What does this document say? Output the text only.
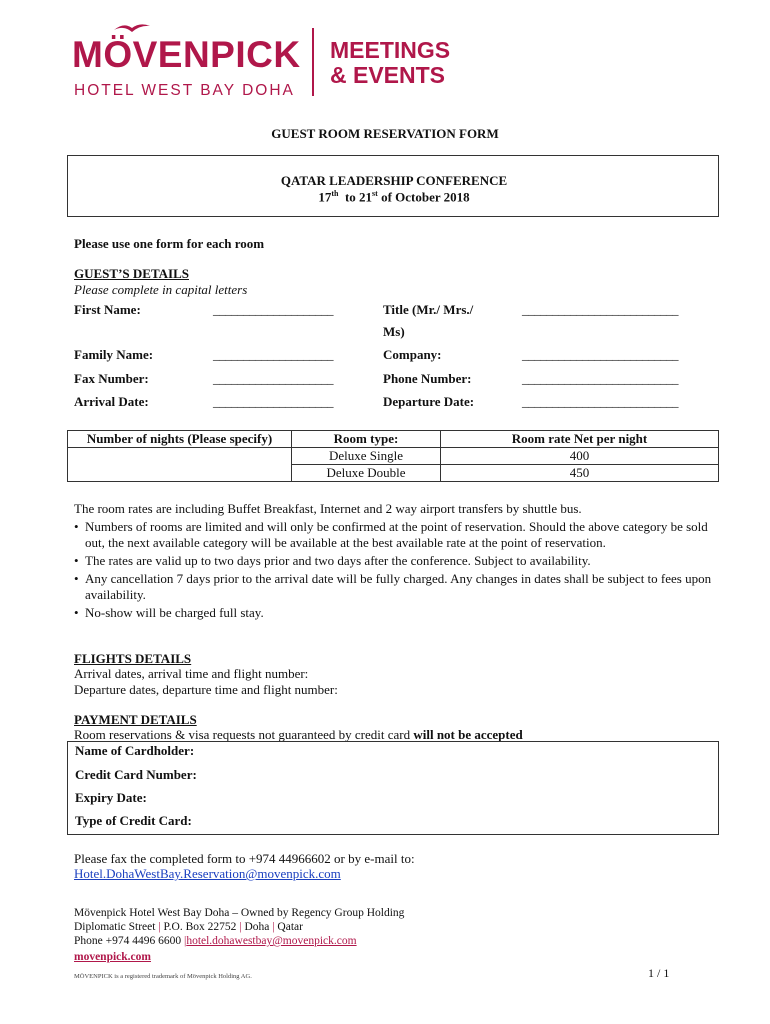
MÖVENPICK
HOTEL WEST BAY DOHA
MEETINGS
& EVENTS
GUEST ROOM RESERVATION FORM
QATAR LEADERSHIP CONFERENCE
17th to 21st of October 2018
Please use one form for each room
GUEST’S DETAILS
Please complete in capital letters
First Name:	____________________	Title (Mr./ Mrs./
Ms)
__________________________
Family Name:	____________________	Company:	__________________________
Fax Number:	____________________	Phone Number:	__________________________
Arrival Date:	____________________	Departure Date:	__________________________
Number of nights (Please specify)	Room type:	Room rate Net per night
	Deluxe Single	400
	Deluxe Double	450
The room rates are including Buffet Breakfast, Internet and 2 way airport transfers by shuttle bus.
• Numbers of rooms are limited and will only be confirmed at the point of reservation. Should the above category be sold out, the next available category will be available at the best available rate at the point of reservation.
• The rates are valid up to two days prior and two days after the conference. Subject to availability.
• Any cancellation 7 days prior to the arrival date will be fully charged. Any changes in dates shall be subject to fees upon availability.
• No-show will be charged full stay.
FLIGHTS DETAILS
Arrival dates, arrival time and flight number:
Departure dates, departure time and flight number:
PAYMENT DETAILS
Room reservations & visa requests not guaranteed by credit card will not be accepted
Name of Cardholder:
Credit Card Number:
Expiry Date:
Type of Credit Card:
Please fax the completed form to +974 44966602 or by e-mail to:
Hotel.DohaWestBay.Reservation@movenpick.com
Mövenpick Hotel West Bay Doha – Owned by Regency Group Holding
Diplomatic Street | P.O. Box 22752 | Doha | Qatar
Phone +974 4496 6600 |hotel.dohawestbay@movenpick.com
movenpick.com
MÖVENPICK is a registered trademark of Mövenpick Holding AG.	1 / 1
